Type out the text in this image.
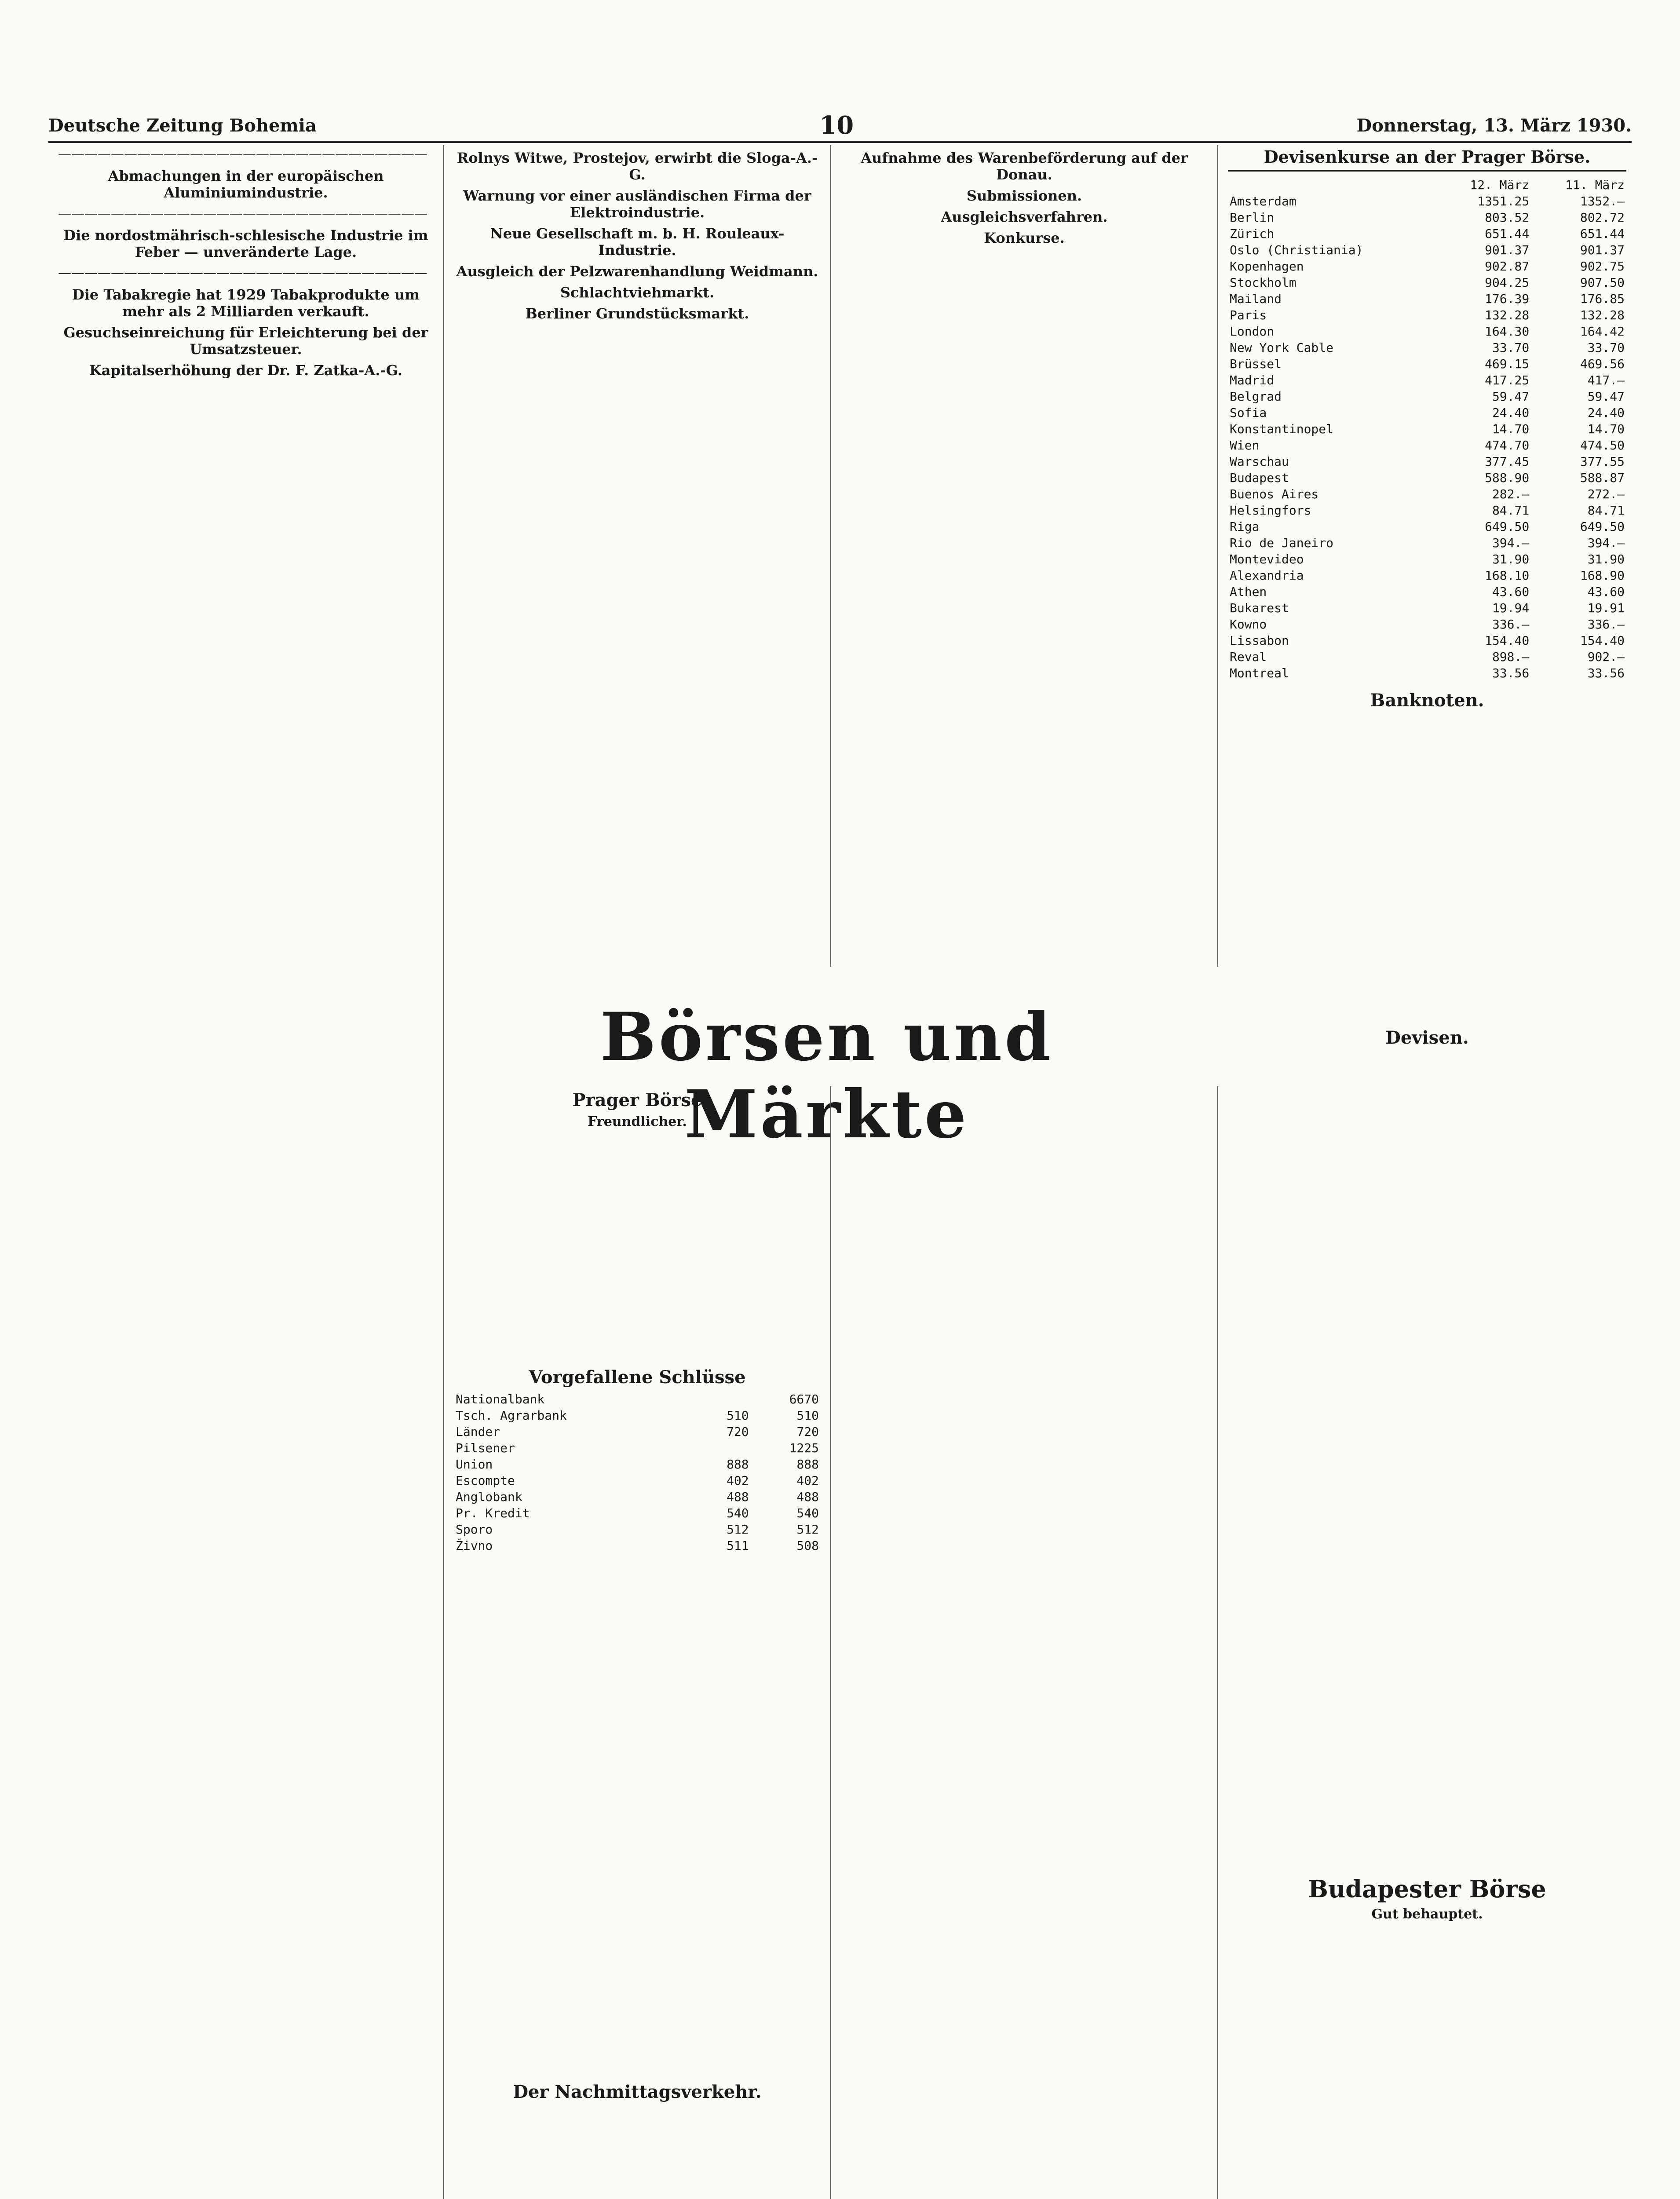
Deutsche Zeitung Bohemia	10	Donnerstag, 13. März 1930.
————————————————————————————
Abmachungen in der europäischen Aluminiumindustrie.
————————————————————————————
Die nordostmährisch-schlesische Industrie im Feber — unveränderte Lage.
————————————————————————————
Die Tabakregie hat 1929 Tabakprodukte um mehr als 2 Milliarden verkauft.
Gesuchseinreichung für Erleichterung bei der Umsatzsteuer.
Kapitalserhöhung der Dr. F. Zatka-A.-G.
Rolnys Witwe, Prostejov, erwirbt die Sloga-A.-G.
Warnung vor einer ausländischen Firma der Elektroindustrie.
Neue Gesellschaft m. b. H. Rouleaux-Industrie.
Ausgleich der Pelzwarenhandlung Weidmann.
Schlachtviehmarkt.
Berliner Grundstücksmarkt.
Aufnahme des Warenbeförderung auf der Donau.
Submissionen.
Ausgleichsverfahren.
Konkurse.
Börsen und Märkte
Prager Börse
Freundlicher.
Vorgefallene Schlüsse
Nationalbank		6670
Tsch. Agrarbank	510	510
Länder	720	720
Pilsener		1225
Union	888	888
Escompte	402	402
Anglobank	488	488
Pr. Kredit	540	540
Sporo	512	512
Živno	511	508
Der Nachmittagsverkehr.
Devisenkurse an der Prager Börse.
	12. März	11. März
Amsterdam	1351.25	1352.—
Berlin	803.52	802.72
Zürich	651.44	651.44
Oslo (Christiania)	901.37	901.37
Kopenhagen	902.87	902.75
Stockholm	904.25	907.50
Mailand	176.39	176.85
Paris	132.28	132.28
London	164.30	164.42
New York Cable	33.70	33.70
Brüssel	469.15	469.56
Madrid	417.25	417.—
Belgrad	59.47	59.47
Sofia	24.40	24.40
Konstantinopel	14.70	14.70
Wien	474.70	474.50
Warschau	377.45	377.55
Budapest	588.90	588.87
Buenos Aires	282.—	272.—
Helsingfors	84.71	84.71
Riga	649.50	649.50
Rio de Janeiro	394.—	394.—
Montevideo	31.90	31.90
Alexandria	168.10	168.90
Athen	43.60	43.60
Bukarest	19.94	19.91
Kowno	336.—	336.—
Lissabon	154.40	154.40
Reval	898.—	902.—
Montreal	33.56	33.56
Banknoten.
Devisen.
Budapester Börse
Gut behauptet.
